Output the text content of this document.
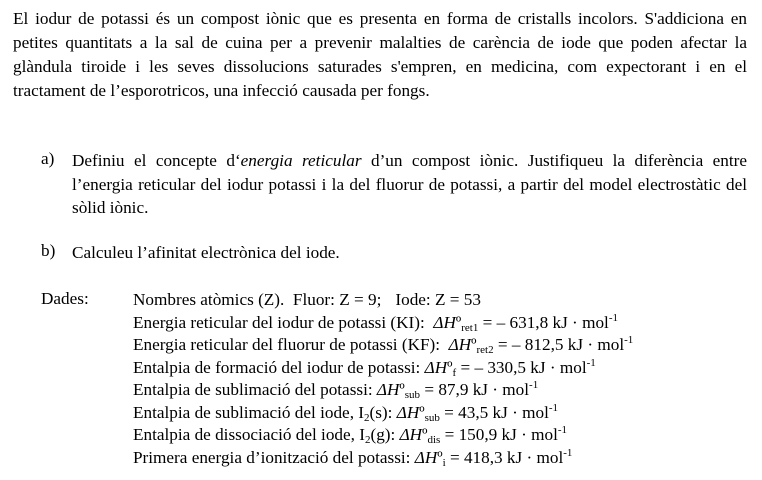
El iodur de potassi és un compost iònic que es presenta en forma de cristalls incolors. S'addiciona en petites quantitats a la sal de cuina per a prevenir malalties de carència de iode que poden afectar la glàndula tiroide i les seves dissolucions saturades s'empren, en medicina, com expectorant i en el tractament de l’esporotricos, una infecció causada per fongs.

a)	Definiu el concepte d‘energia reticular d’un compost iònic. Justifiqueu la diferència entre l’energia reticular del iodur potassi i la del fluorur de potassi, a partir del model electrostàtic del sòlid iònic.
b) Calculeu l’afinitat electrònica del iode.
Dades:	Nombres atòmics (Z). Fluor: Z = 9; Iode: Z = 53
Energia reticular del iodur de potassi (KI): ΔHº$_{ret1}$ = – 631,8 kJ · mol$^{-1}$
Energia reticular del fluorur de potassi (KF): ΔHº$_{ret2}$ = – 812,5 kJ · mol$^{-1}$
Entalpia de formació del iodur de potassi: ΔHº$_f$ = – 330,5 kJ · mol$^{-1}$
Entalpia de sublimació del potassi: ΔHº$_{sub}$ = 87,9 kJ · mol$^{-1}$
Entalpia de sublimació del iode, $I_2(s)$: ΔHº$_{sub}$ = 43,5 kJ · mol$^{-1}$
Entalpia de dissociació del iode, $I_2(g)$: ΔHº$_{dis}$ = 150,9 kJ · mol$^{-1}$
Primera energia d’ionització del potassi: ΔHº$_i$ = 418,3 kJ · mol$^{-1}$
